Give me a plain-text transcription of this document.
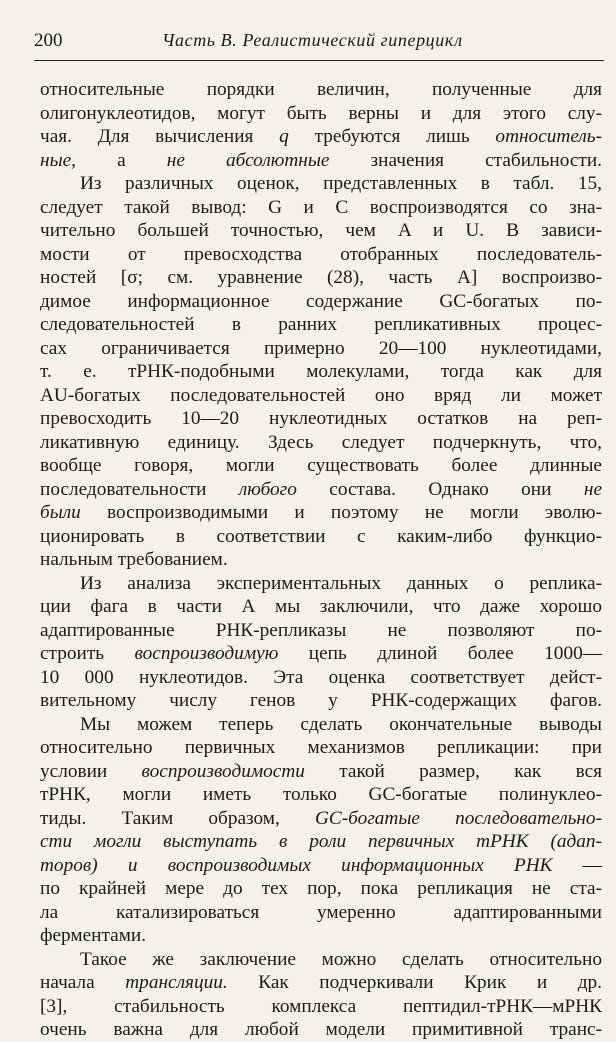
200	Часть В. Реалистический гиперцикл
относительные порядки величин, полученные для
олигонуклеотидов, могут быть верны и для этого слу-
чая. Для вычисления q требуются лишь относитель-
ные, а не абсолютные значения стабильности.
Из различных оценок, представленных в табл. 15,
следует такой вывод: G и C воспроизводятся со зна-
чительно большей точностью, чем A и U. В зависи-
мости от превосходства отобранных последователь-
ностей [σ; см. уравнение (28), часть А] воспроизво-
димое информационное содержание GC-богатых по-
следовательностей в ранних репликативных процес-
сах ограничивается примерно 20—100 нуклеотидами,
т. е. тРНК-подобными молекулами, тогда как для
AU-богатых последовательностей оно вряд ли может
превосходить 10—20 нуклеотидных остатков на реп-
ликативную единицу. Здесь следует подчеркнуть, что,
вообще говоря, могли существовать более длинные
последовательности любого состава. Однако они не
были воспроизводимыми и поэтому не могли эволю-
ционировать в соответствии с каким-либо функцио-
нальным требованием.
Из анализа экспериментальных данных о реплика-
ции фага в части А мы заключили, что даже хорошо
адаптированные РНК-репликазы не позволяют по-
строить воспроизводимую цепь длиной более 1000—
10 000 нуклеотидов. Эта оценка соответствует дейст-
вительному числу генов у РНК-содержащих фагов.
Мы можем теперь сделать окончательные выводы
относительно первичных механизмов репликации: при
условии воспроизводимости такой размер, как вся
тРНК, могли иметь только GC-богатые полинуклео-
тиды. Таким образом, GC-богатые последовательно-
сти могли выступать в роли первичных тРНК (адап-
торов) и воспроизводимых информационных РНК —
по крайней мере до тех пор, пока репликация не ста-
ла катализироваться умеренно адаптированными
ферментами.
Такое же заключение можно сделать относительно
начала трансляции. Как подчеркивали Крик и др.
[3], стабильность комплекса пептидил-тРНК—мРНК
очень важна для любой модели примитивной транс-
